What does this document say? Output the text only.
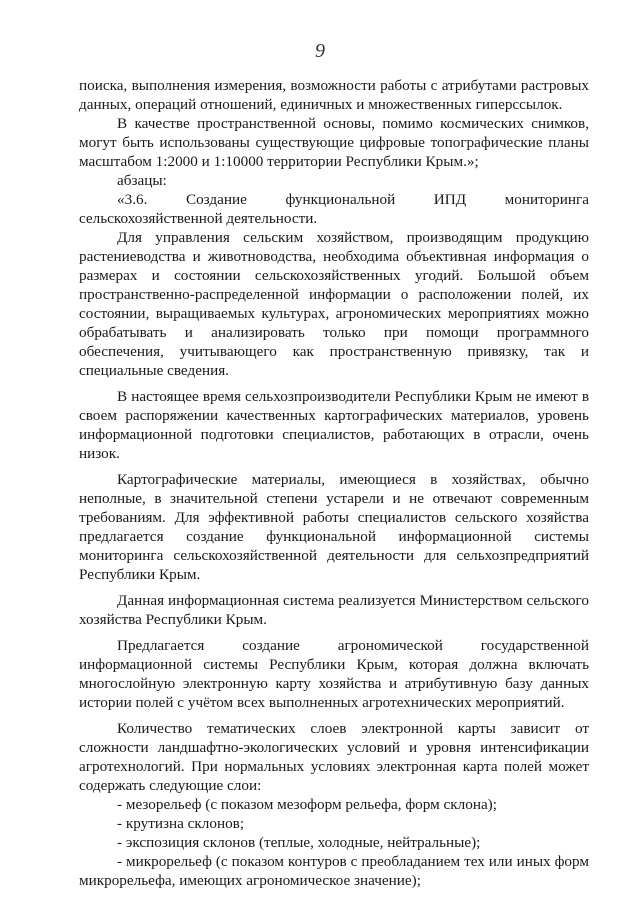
9

поиска, выполнения измерения, возможности работы с атрибутами растровых данных, операций отношений, единичных и множественных гиперссылок.

В качестве пространственной основы, помимо космических снимков, могут быть использованы существующие цифровые топографические планы масштабом 1:2000 и 1:10000 территории Республики Крым.»;

абзацы:

«3.6. Создание функциональной ИПД мониторинга сельскохозяйственной деятельности.

Для управления сельским хозяйством, производящим продукцию растениеводства и животноводства, необходима объективная информация о размерах и состоянии сельскохозяйственных угодий. Большой объем пространственно-распределенной информации о расположении полей, их состоянии, выращиваемых культурах, агрономических мероприятиях можно обрабатывать и анализировать только при помощи программного обеспечения, учитывающего как пространственную привязку, так и специальные сведения.

В настоящее время сельхозпроизводители Республики Крым не имеют в своем распоряжении качественных картографических материалов, уровень информационной подготовки специалистов, работающих в отрасли, очень низок.

Картографические материалы, имеющиеся в хозяйствах, обычно неполные, в значительной степени устарели и не отвечают современным требованиям. Для эффективной работы специалистов сельского хозяйства предлагается создание функциональной информационной системы мониторинга сельскохозяйственной деятельности для сельхозпредприятий Республики Крым.

Данная информационная система реализуется Министерством сельского хозяйства Республики Крым.

Предлагается создание агрономической государственной информационной системы Республики Крым, которая должна включать многослойную электронную карту хозяйства и атрибутивную базу данных истории полей с учётом всех выполненных агротехнических мероприятий.

Количество тематических слоев электронной карты зависит от сложности ландшафтно-экологических условий и уровня интенсификации агротехнологий. При нормальных условиях электронная карта полей может содержать следующие слои:

- мезорельеф (с показом мезоформ рельефа, форм склона);

- крутизна склонов;

- экспозиция склонов (теплые, холодные, нейтральные);

- микрорельеф (с показом контуров с преобладанием тех или иных форм микрорельефа, имеющих агрономическое значение);
